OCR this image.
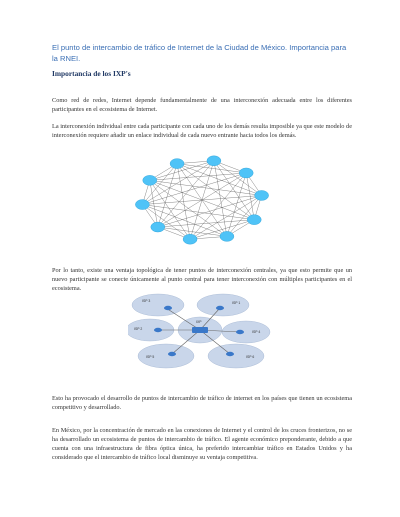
El punto de intercambio de tráfico de Internet de la Ciudad de México. Importancia para la RNEI.
Importancia de los IXP's

Como red de redes, Internet depende fundamentalmente de una interconexión adecuada entre los diferentes participantes en el ecosistema de Internet.

La interconexión individual entre cada participante con cada uno de los demás resulta imposible ya que este modelo de interconexión requiere añadir un enlace individual de cada nuevo entrante hacia todos los demás.

Por lo tanto, existe una ventaja topológica de tener puntos de interconexión centrales, ya que esto permite que un nuevo participante se conecte únicamente al punto central para tener interconexión con múltiples participantes en el ecosistema.

ISP 1
ISP 2
ISP 3
ISP 4
ISP 5	ISP 6
IXP

Esto ha provocado el desarrollo de puntos de intercambio de tráfico de internet en los países que tienen un ecosistema competitivo y desarrollado.

En México, por la concentración de mercado en las conexiones de Internet y el control de los cruces fronterizos, no se ha desarrollado un ecosistema de puntos de intercambio de tráfico. El agente económico preponderante, debido a que cuenta con una infraestructura de fibra óptica única, ha preferido intercambiar tráfico en Estados Unidos y ha considerado que el intercambio de tráfico local disminuye su ventaja competitiva.
